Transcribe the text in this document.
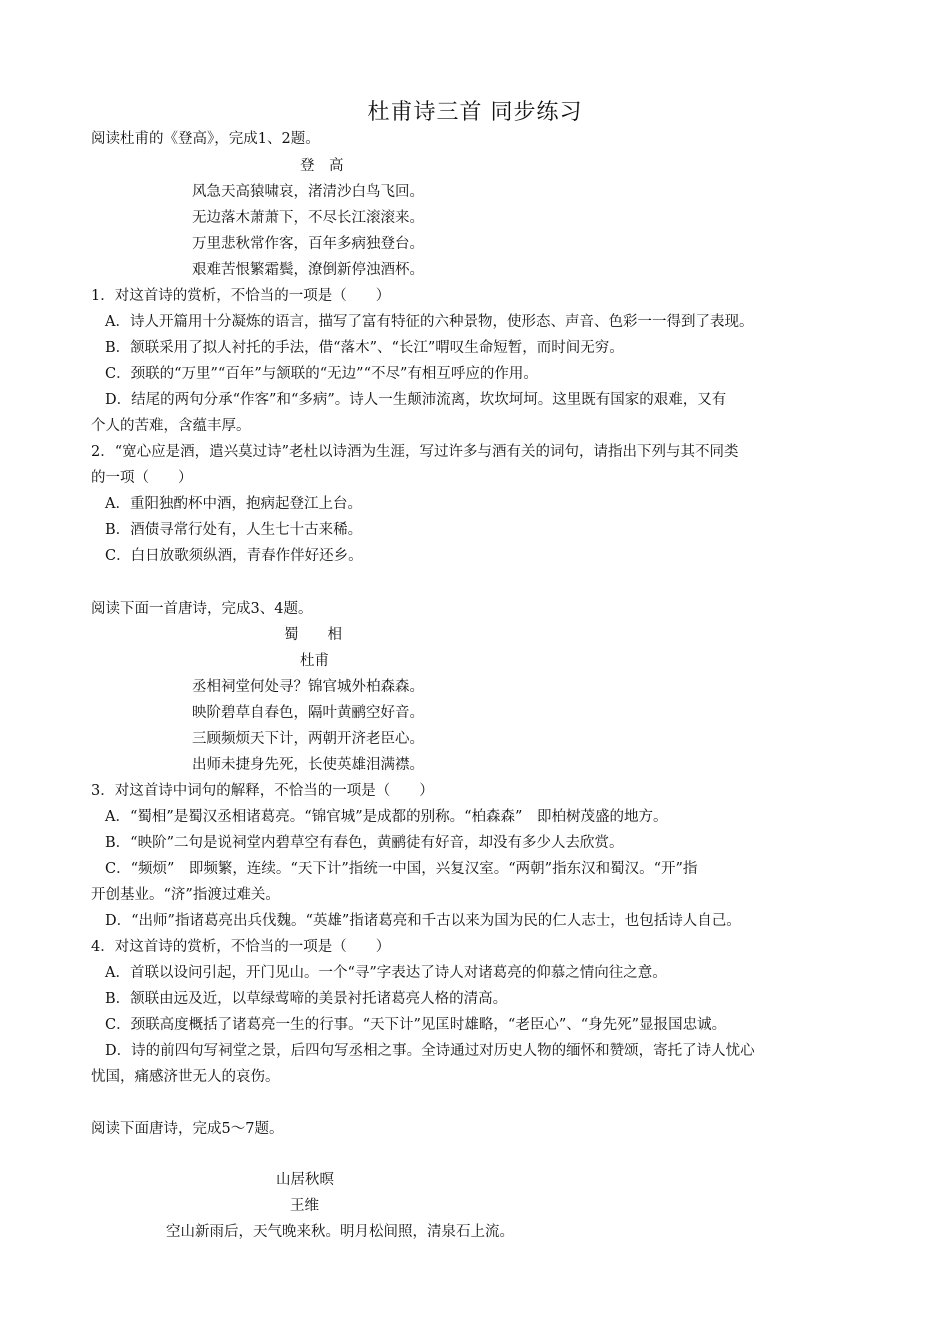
杜甫诗三首 同步练习
阅读杜甫的《登高》，完成1、2题。
登　高
风急天高猿啸哀，渚清沙白鸟飞回。
无边落木萧萧下，不尽长江滚滚来。
万里悲秋常作客，百年多病独登台。
艰难苦恨繁霜鬓，潦倒新停浊酒杯。
1．对这首诗的赏析，不恰当的一项是（　　）
A．诗人开篇用十分凝炼的语言，描写了富有特征的六种景物，使形态、声音、色彩一一得到了表现。
B．颔联采用了拟人衬托的手法，借“落木”、“长江”喟叹生命短暂，而时间无穷。
C．颈联的“万里”“百年”与颔联的“无边”“不尽”有相互呼应的作用。
D．结尾的两句分承“作客”和“多病”。诗人一生颠沛流离，坎坎坷坷。这里既有国家的艰难，又有
个人的苦难，含蕴丰厚。
2．“宽心应是酒，遣兴莫过诗”老杜以诗酒为生涯，写过许多与酒有关的词句，请指出下列与其不同类
的一项（　　）
A．重阳独酌杯中酒，抱病起登江上台。
B．酒债寻常行处有，人生七十古来稀。
C．白日放歌须纵酒，青春作伴好还乡。
阅读下面一首唐诗，完成3、4题。
蜀　　相
杜甫
丞相祠堂何处寻？锦官城外柏森森。
映阶碧草自春色，隔叶黄鹂空好音。
三顾频烦天下计，两朝开济老臣心。
出师未捷身先死，长使英雄泪满襟。
3．对这首诗中词句的解释，不恰当的一项是（　　）
A．“蜀相”是蜀汉丞相诸葛亮。“锦官城”是成都的别称。“柏森森”　即柏树茂盛的地方。
B．“映阶”二句是说祠堂内碧草空有春色，黄鹂徒有好音，却没有多少人去欣赏。
C．“频烦”　即频繁，连续。“天下计”指统一中国，兴复汉室。“两朝”指东汉和蜀汉。“开”指
开创基业。“济”指渡过难关。
D．“出师”指诸葛亮出兵伐魏。“英雄”指诸葛亮和千古以来为国为民的仁人志士，也包括诗人自己。
4．对这首诗的赏析，不恰当的一项是（　　）
A．首联以设问引起，开门见山。一个“寻”字表达了诗人对诸葛亮的仰慕之情向往之意。
B．颔联由远及近，以草绿莺啼的美景衬托诸葛亮人格的清高。
C．颈联高度概括了诸葛亮一生的行事。“天下计”见匡时雄略，“老臣心”、“身先死”显报国忠诚。
D．诗的前四句写祠堂之景，后四句写丞相之事。全诗通过对历史人物的缅怀和赞颂，寄托了诗人忧心
忧国，痛感济世无人的哀伤。
阅读下面唐诗，完成5～7题。
山居秋暝
王维
空山新雨后，天气晚来秋。明月松间照，清泉石上流。
